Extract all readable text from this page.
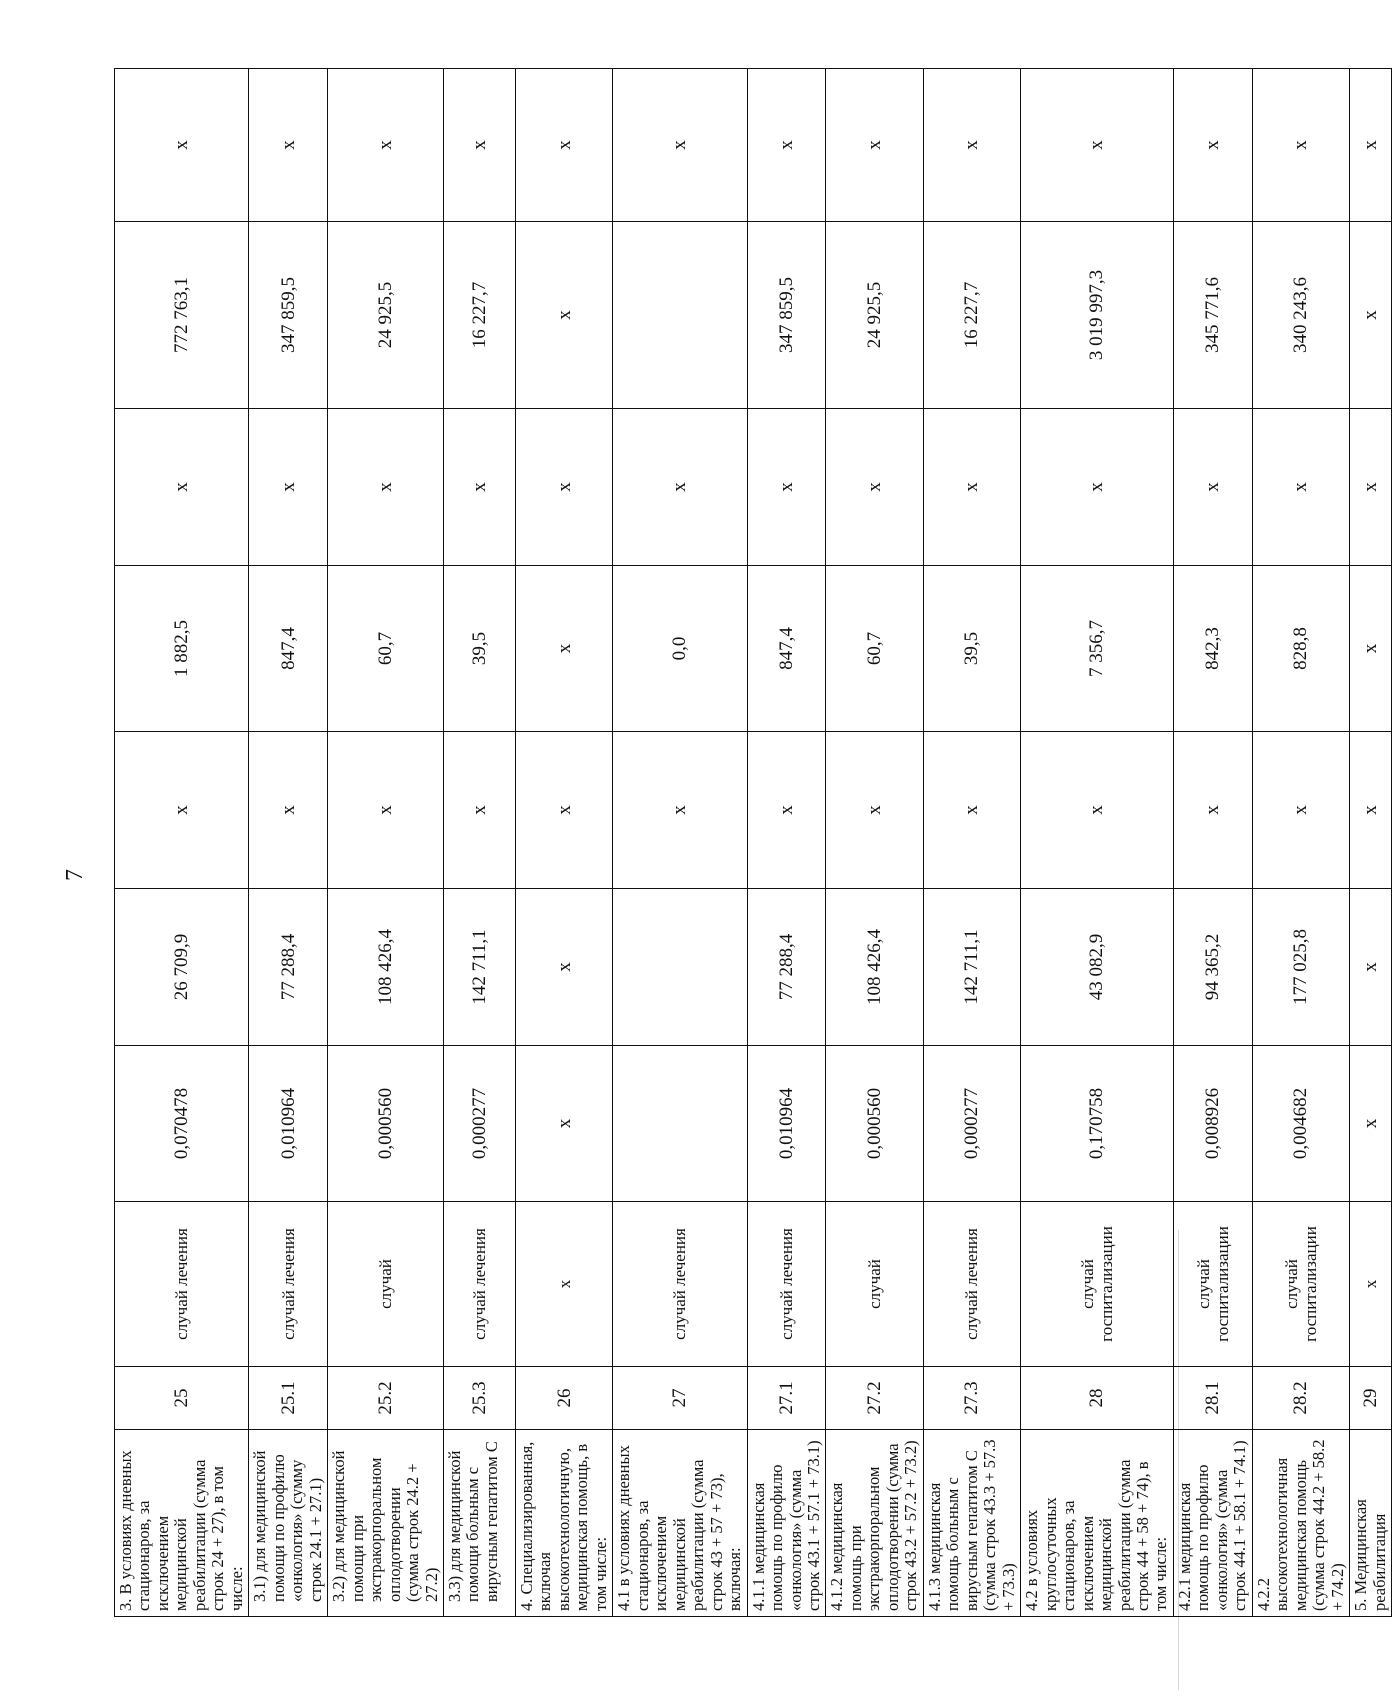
7
3. В условиях дневных стационаров, за исключением медицинской реабилитации (сумма строк 24 + 27), в том числе:	25	случай лечения	0,070478	26 709,9	х	1 882,5	х	772 763,1	х
3.1) для медицинской помощи по профилю «онкология» (сумму строк 24.1 + 27.1)	25.1	случай лечения	0,010964	77 288,4	х	847,4	х	347 859,5	х
3.2) для медицинской помощи при экстракорпоральном оплодотворении (сумма строк 24.2 + 27.2)	25.2	случай	0,000560	108 426,4	х	60,7	х	24 925,5	х
3.3) для медицинской помощи больным с вирусным гепатитом С	25.3	случай лечения	0,000277	142 711,1	х	39,5	х	16 227,7	х
4. Специализированная, включая высокотехнологичную, медицинская помощь, в том числе:	26	х	х	х	х	х	х	х	х
4.1 в условиях дневных стационаров, за исключением медицинской реабилитации (сумма строк 43 + 57 + 73), включая:	27	случай лечения			х	0,0	х		х
4.1.1 медицинская помощь по профилю «онкология» (сумма строк 43.1 + 57.1 + 73.1)	27.1	случай лечения	0,010964	77 288,4	х	847,4	х	347 859,5	х
4.1.2 медицинская помощь при экстракорпоральном оплодотворении (сумма строк 43.2 + 57.2 + 73.2)	27.2	случай	0,000560	108 426,4	х	60,7	х	24 925,5	х
4.1.3 медицинская помощь больным с вирусным гепатитом С (сумма строк 43.3 + 57.3 + 73.3)	27.3	случай лечения	0,000277	142 711,1	х	39,5	х	16 227,7	х
4.2 в условиях круглосуточных стационаров, за исключением медицинской реабилитации (сумма строк 44 + 58 + 74), в том числе:	28	случай госпитализации	0,170758	43 082,9	х	7 356,7	х	3 019 997,3	х
4.2.1 медицинская помощь по профилю «онкология» (сумма строк 44.1 + 58.1 + 74.1)	28.1	случай госпитализации	0,008926	94 365,2	х	842,3	х	345 771,6	х
4.2.2 высокотехнологичная медицинская помощь (сумма строк 44.2 + 58.2 + 74.2)	28.2	случай госпитализации	0,004682	177 025,8	х	828,8	х	340 243,6	х
5. Медицинская реабилитация	29	х	х	х	х	х	х	х	х
